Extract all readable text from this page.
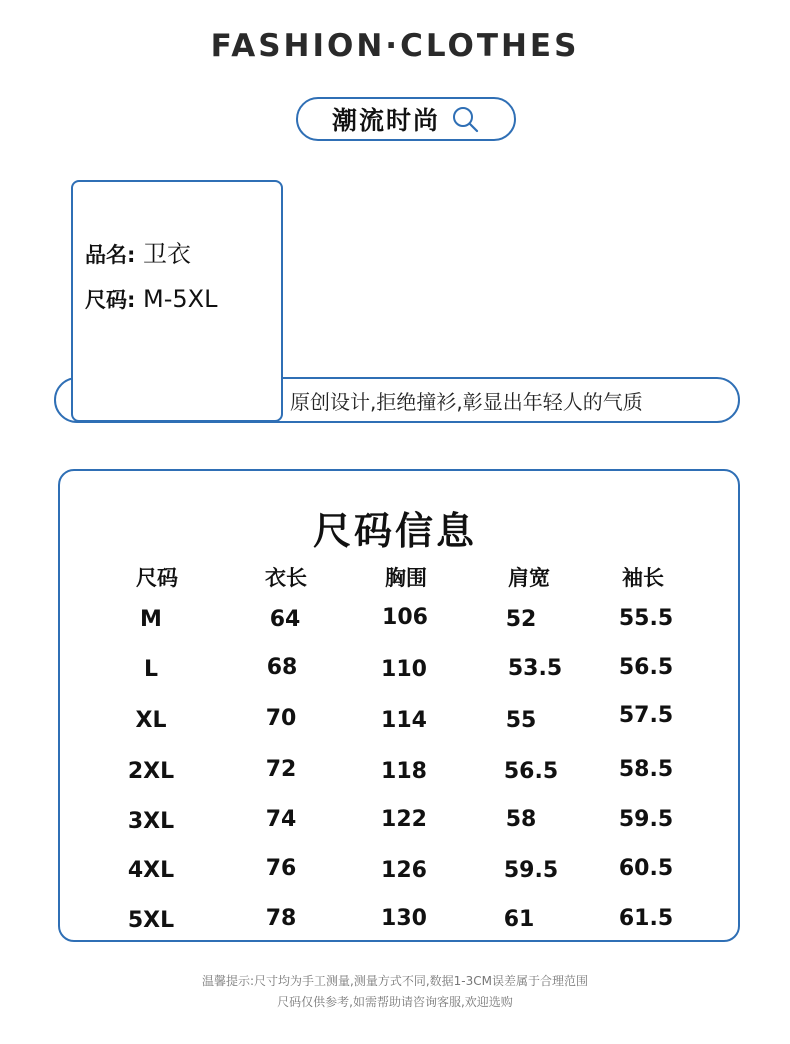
FASHION·CLOTHES
潮流时尚
品名: 卫衣
尺码: M-5XL
原创设计,拒绝撞衫,彰显出年轻人的气质
尺码信息
尺码	衣长	胸围	肩宽	袖长
M	64	106	52	55.5
L	68	110	53.5	56.5
XL	70	114	55	57.5
2XL	72	118	56.5	58.5
3XL	74	122	58	59.5
4XL	76	126	59.5	60.5
5XL	78	130	61	61.5
温馨提示:尺寸均为手工测量,测量方式不同,数据1-3CM误差属于合理范围
尺码仅供参考,如需帮助请咨询客服,欢迎选购
